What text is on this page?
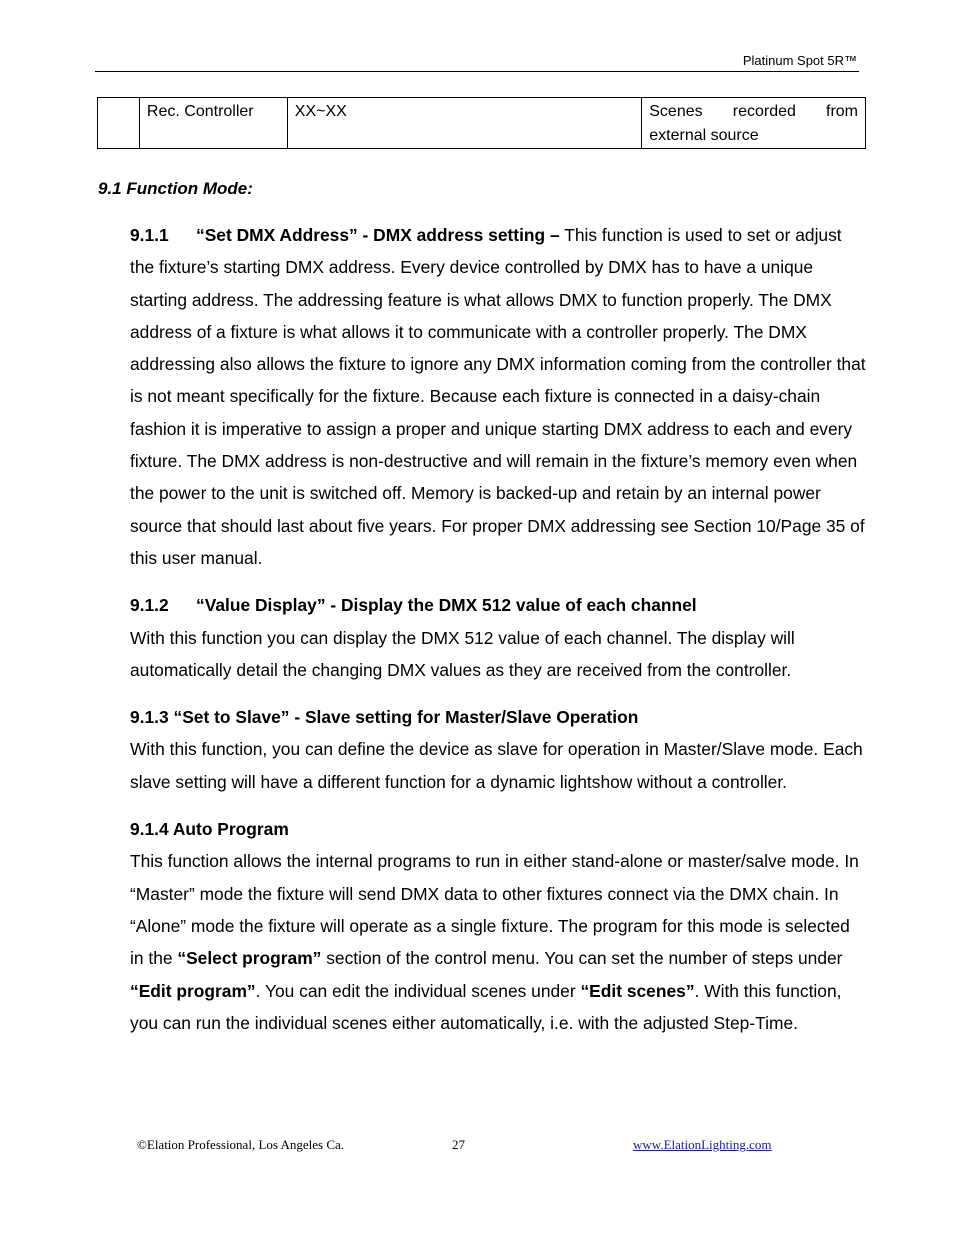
Platinum Spot 5R™
	Rec. Controller	XX~XX	Scenes recorded from external source
9.1 Function Mode:

9.1.1 “Set DMX Address” - DMX address setting – This function is used to set or adjust the fixture’s starting DMX address. Every device controlled by DMX has to have a unique starting address. The addressing feature is what allows DMX to function properly. The DMX address of a fixture is what allows it to communicate with a controller properly. The DMX addressing also allows the fixture to ignore any DMX information coming from the controller that is not meant specifically for the fixture. Because each fixture is connected in a daisy-chain fashion it is imperative to assign a proper and unique starting DMX address to each and every fixture. The DMX address is non-destructive and will remain in the fixture’s memory even when the power to the unit is switched off. Memory is backed-up and retain by an internal power source that should last about five years. For proper DMX addressing see Section 10/Page 35 of this user manual.

9.1.2 “Value Display” - Display the DMX 512 value of each channel

With this function you can display the DMX 512 value of each channel. The display will automatically detail the changing DMX values as they are received from the controller.

9.1.3 “Set to Slave” - Slave setting for Master/Slave Operation

With this function, you can define the device as slave for operation in Master/Slave mode. Each slave setting will have a different function for a dynamic lightshow without a controller.

9.1.4 Auto Program

This function allows the internal programs to run in either stand-alone or master/salve mode. In “Master” mode the fixture will send DMX data to other fixtures connect via the DMX chain. In “Alone” mode the fixture will operate as a single fixture. The program for this mode is selected in the “Select program” section of the control menu. You can set the number of steps under “Edit program”. You can edit the individual scenes under “Edit scenes”. With this function, you can run the individual scenes either automatically, i.e. with the adjusted Step-Time.

©Elation Professional, Los Angeles Ca.	27	www.ElationLighting.com
